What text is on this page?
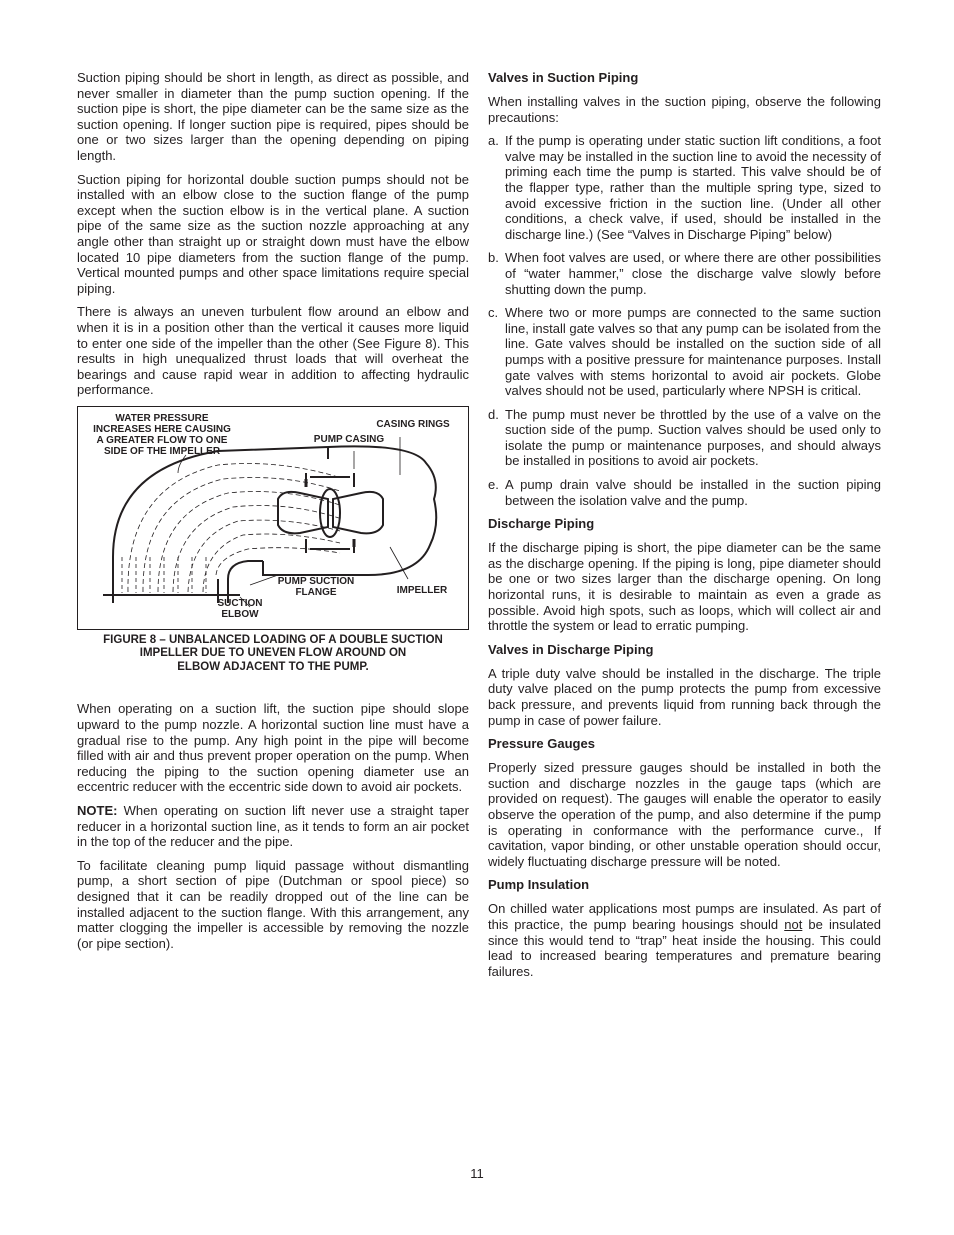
Suction piping should be short in length, as direct as possible, and never smaller in diameter than the pump suction opening. If the suction pipe is short, the pipe diameter can be the same size as the suction opening. If longer suction pipe is required, pipes should be one or two sizes larger than the opening depending on piping length.

Suction piping for horizontal double suction pumps should not be installed with an elbow close to the suction flange of the pump except when the suction elbow is in the vertical plane. A suction pipe of the same size as the suction nozzle approaching at any angle other than straight up or straight down must have the elbow located 10 pipe diameters from the suction flange of the pump. Vertical mounted pumps and other space limitations require special piping.

There is always an uneven turbulent flow around an elbow and when it is in a position other than the vertical it causes more liquid to enter one side of the impeller than the other (See Figure 8). This results in high unequalized thrust loads that will overheat the bearings and cause rapid wear in addition to affecting hydraulic performance.

WATER PRESSURE
INCREASES HERE CAUSING
A GREATER FLOW TO ONE
SIDE OF THE IMPELLER
CASING RINGS
PUMP CASING
PUMP SUCTION
FLANGE	IMPELLER
SUCTION
ELBOW
FIGURE 8 – UNBALANCED LOADING OF A DOUBLE SUCTION
IMPELLER DUE TO UNEVEN FLOW AROUND ON
ELBOW ADJACENT TO THE PUMP.

When operating on a suction lift, the suction pipe should slope upward to the pump nozzle. A horizontal suction line must have a gradual rise to the pump. Any high point in the pipe will become filled with air and thus prevent proper operation on the pump. When reducing the piping to the suction opening diameter use an eccentric reducer with the eccentric side down to avoid air pockets.

NOTE: When operating on suction lift never use a straight taper reducer in a horizontal suction line, as it tends to form an air pocket in the top of the reducer and the pipe.

To facilitate cleaning pump liquid passage without dismantling pump, a short section of pipe (Dutchman or spool piece) so designed that it can be readily dropped out of the line can be installed adjacent to the suction flange. With this arrangement, any matter clogging the impeller is accessible by removing the nozzle (or pipe section).

Valves in Suction Piping

When installing valves in the suction piping, observe the following precautions:

a. If the pump is operating under static suction lift conditions, a foot valve may be installed in the suction line to avoid the necessity of priming each time the pump is started. This valve should be of the flapper type, rather than the multiple spring type, sized to avoid excessive friction in the suction line. (Under all other conditions, a check valve, if used, should be installed in the discharge line.) (See “Valves in Discharge Piping” below)
b. When foot valves are used, or where there are other possibilities of “water hammer,” close the discharge valve slowly before shutting down the pump.
c. Where two or more pumps are connected to the same suction line, install gate valves so that any pump can be isolated from the line. Gate valves should be installed on the suction side of all pumps with a positive pressure for maintenance purposes. Install gate valves with stems horizontal to avoid air pockets. Globe valves should not be used, particularly where NPSH is critical.
d. The pump must never be throttled by the use of a valve on the suction side of the pump. Suction valves should be used only to isolate the pump or maintenance purposes, and should always be installed in positions to avoid air pockets.
e. A pump drain valve should be installed in the suction piping between the isolation valve and the pump.
Discharge Piping

If the discharge piping is short, the pipe diameter can be the same as the discharge opening. If the piping is long, pipe diameter should be one or two sizes larger than the discharge opening. On long horizontal runs, it is desirable to maintain as even a grade as possible. Avoid high spots, such as loops, which will collect air and throttle the system or lead to erratic pumping.

Valves in Discharge Piping

A triple duty valve should be installed in the discharge. The triple duty valve placed on the pump protects the pump from excessive back pressure, and prevents liquid from running back through the pump in case of power failure.

Pressure Gauges

Properly sized pressure gauges should be installed in both the suction and discharge nozzles in the gauge taps (which are provided on request). The gauges will enable the operator to easily observe the operation of the pump, and also determine if the pump is operating in conformance with the performance curve., If cavitation, vapor binding, or other unstable operation should occur, widely fluctuating discharge pressure will be noted.

Pump Insulation

On chilled water applications most pumps are insulated. As part of this practice, the pump bearing housings should not be insulated since this would tend to “trap” heat inside the housing. This could lead to increased bearing temperatures and premature bearing failures.

11
